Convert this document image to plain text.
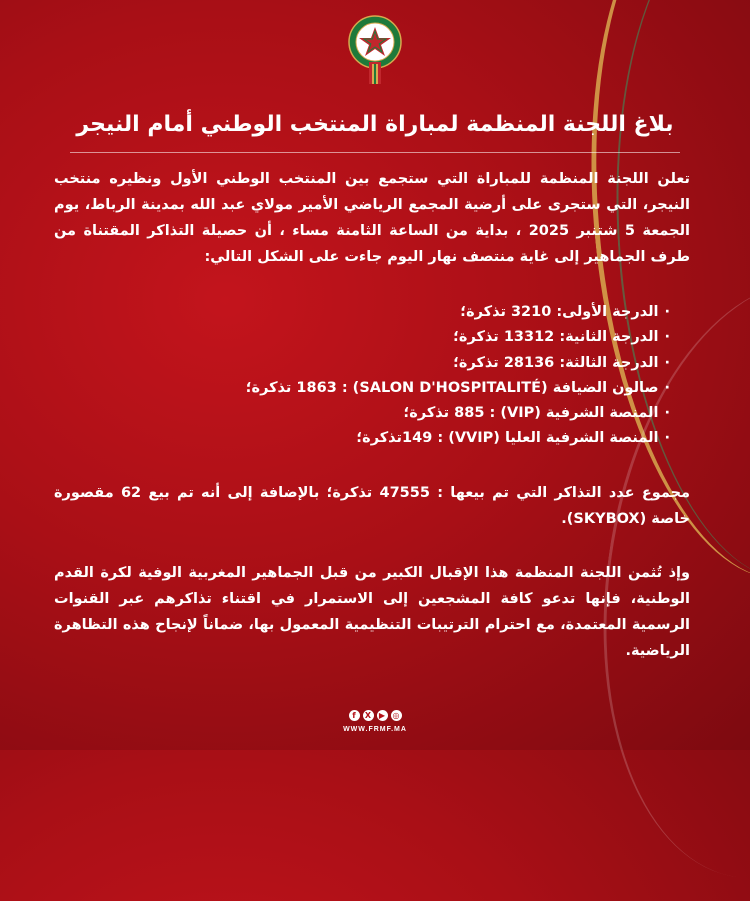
بلاغ اللجنة المنظمة لمباراة المنتخب الوطني أمام النيجر

تعلن اللجنة المنظمة للمباراة التي ستجمع بين المنتخب الوطني الأول ونظيره منتخب النيجر، التي ستجرى على أرضية المجمع الرياضي الأمير مولاي عبد الله بمدينة الرباط، يوم الجمعة 5 شتنبر 2025 ، بداية من الساعة الثامنة مساء ، أن حصيلة التذاكر المقتناة من طرف الجماهير إلى غاية منتصف نهار اليوم جاءت على الشكل التالي:

·الدرجة الأولى: 3210 تذكرة؛
·الدرجة الثانية: 13312 تذكرة؛
·الدرجة الثالثة: 28136 تذكرة؛
·صالون الضيافة (SALON D'HOSPITALITÉ) : 1863 تذكرة؛
·المنصة الشرفية (VIP) : 885 تذكرة؛
·المنصة الشرفية العليا (VVIP) : 149تذكرة؛

مجموع عدد التذاكر التي تم بيعها : 47555 تذكرة؛ بالإضافة إلى أنه تم بيع 62 مقصورة خاصة (SKYBOX).

وإذ تُثمن اللجنة المنظمة هذا الإقبال الكبير من قبل الجماهير المغربية الوفية لكرة القدم الوطنية، فإنها تدعو كافة المشجعين إلى الاستمرار في اقتناء تذاكرهم عبر القنوات الرسمية المعتمدة، مع احترام الترتيبات التنظيمية المعمول بها، ضماناً لإنجاح هذه التظاهرة الرياضية.

f	X ▶ ◎
WWW.FRMF.MA
